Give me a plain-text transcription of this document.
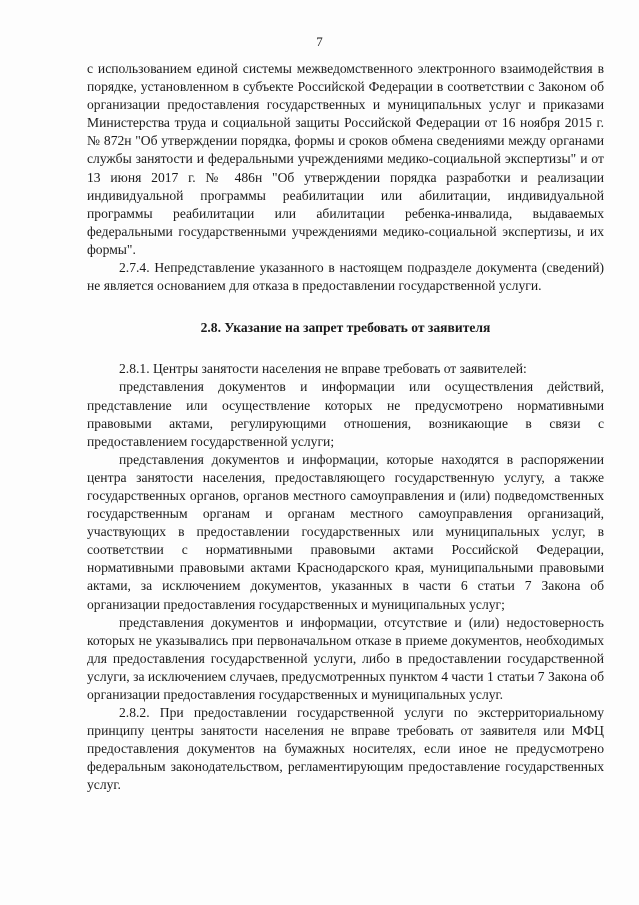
7

с использованием единой системы межведомственного электронного взаимодействия в порядке, установленном в субъекте Российской Федерации в соответствии с Законом об организации предоставления государственных и муниципальных услуг и приказами Министерства труда и социальной защиты Российской Федерации от 16 ноября 2015 г. № 872н "Об утверждении порядка, формы и сроков обмена сведениями между органами службы занятости и федеральными учреждениями медико-социальной экспертизы" и от 13 июня 2017 г. № 486н "Об утверждении порядка разработки и реализации индивидуальной программы реабилитации или абилитации, индивидуальной программы реабилитации или абилитации ребенка-инвалида, выдаваемых федеральными государственными учреждениями медико-социальной экспертизы, и их формы".

2.7.4. Непредставление указанного в настоящем подразделе документа (сведений) не является основанием для отказа в предоставлении государственной услуги.

2.8. Указание на запрет требовать от заявителя

2.8.1. Центры занятости населения не вправе требовать от заявителей:

представления документов и информации или осуществления действий, представление или осуществление которых не предусмотрено нормативными правовыми актами, регулирующими отношения, возникающие в связи с предоставлением государственной услуги;

представления документов и информации, которые находятся в распоряжении центра занятости населения, предоставляющего государственную услугу, а также государственных органов, органов местного самоуправления и (или) подведомственных государственным органам и органам местного самоуправления организаций, участвующих в предоставлении государственных или муниципальных услуг, в соответствии с нормативными правовыми актами Российской Федерации, нормативными правовыми актами Краснодарского края, муниципальными правовыми актами, за исключением документов, указанных в части 6 статьи 7 Закона об организации предоставления государственных и муниципальных услуг;

представления документов и информации, отсутствие и (или) недостоверность которых не указывались при первоначальном отказе в приеме документов, необходимых для предоставления государственной услуги, либо в предоставлении государственной услуги, за исключением случаев, предусмотренных пунктом 4 части 1 статьи 7 Закона об организации предоставления государственных и муниципальных услуг.

2.8.2. При предоставлении государственной услуги по экстерриториальному принципу центры занятости населения не вправе требовать от заявителя или МФЦ предоставления документов на бумажных носителях, если иное не предусмотрено федеральным законодательством, регламентирующим предоставление государственных услуг.
